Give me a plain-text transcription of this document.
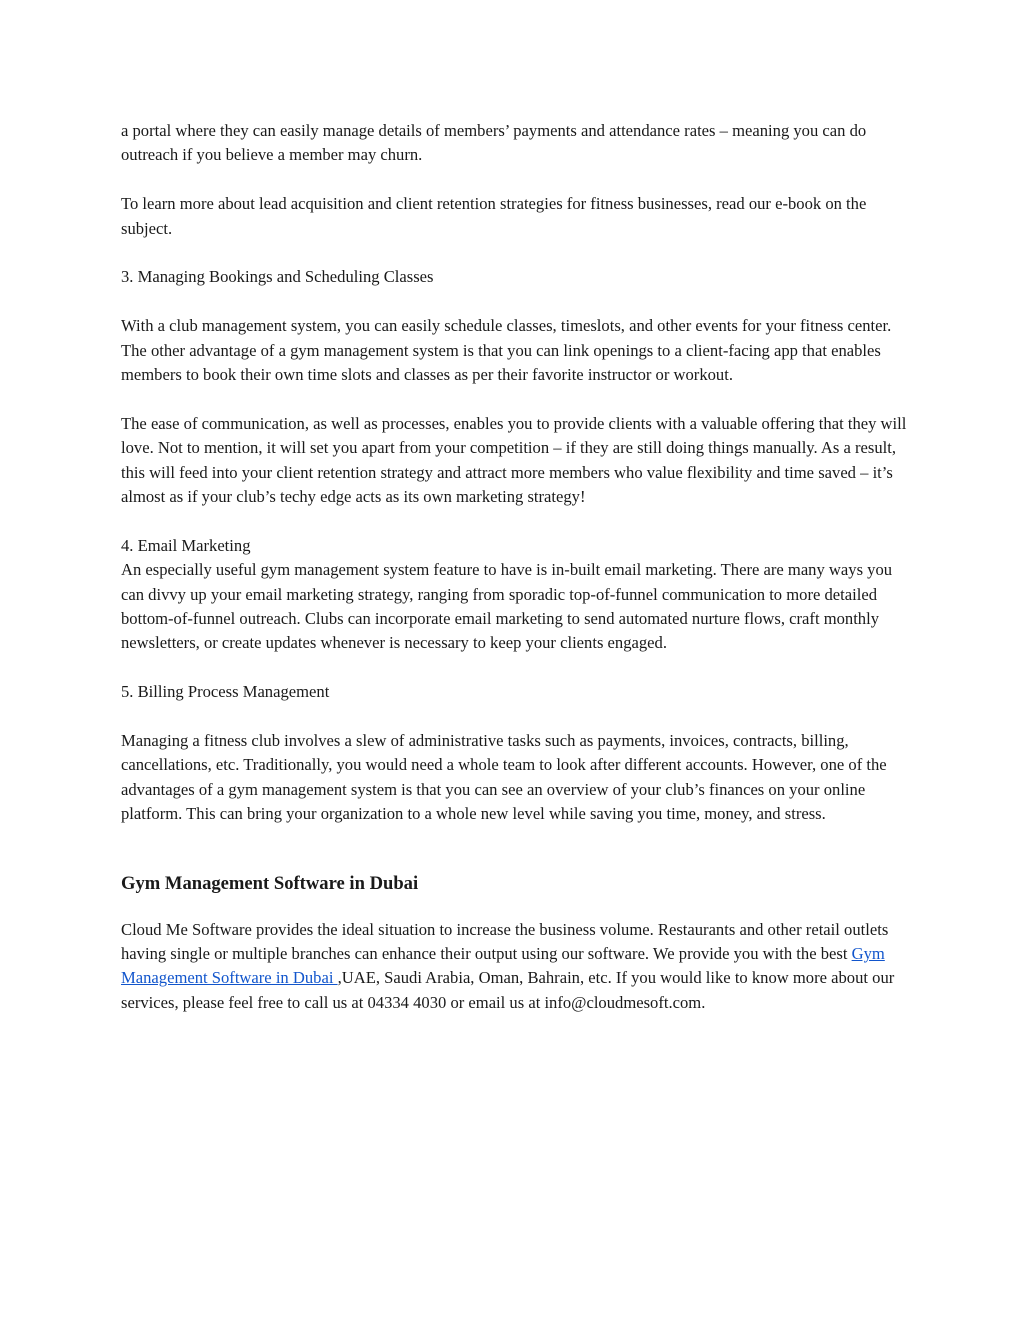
a portal where they can easily manage details of members’ payments and attendance rates – meaning you can do outreach if you believe a member may churn.

To learn more about lead acquisition and client retention strategies for fitness businesses, read our e-book on the subject.

3. Managing Bookings and Scheduling Classes

With a club management system, you can easily schedule classes, timeslots, and other events for your fitness center. The other advantage of a gym management system is that you can link openings to a client-facing app that enables members to book their own time slots and classes as per their favorite instructor or workout.

The ease of communication, as well as processes, enables you to provide clients with a valuable offering that they will love. Not to mention, it will set you apart from your competition – if they are still doing things manually. As a result, this will feed into your client retention strategy and attract more members who value flexibility and time saved – it’s almost as if your club’s techy edge acts as its own marketing strategy!

4. Email Marketing

An especially useful gym management system feature to have is in-built email marketing. There are many ways you can divvy up your email marketing strategy, ranging from sporadic top-of-funnel communication to more detailed bottom-of-funnel outreach. Clubs can incorporate email marketing to send automated nurture flows, craft monthly newsletters, or create updates whenever is necessary to keep your clients engaged.

5. Billing Process Management

Managing a fitness club involves a slew of administrative tasks such as payments, invoices, contracts, billing, cancellations, etc. Traditionally, you would need a whole team to look after different accounts. However, one of the advantages of a gym management system is that you can see an overview of your club’s finances on your online platform. This can bring your organization to a whole new level while saving you time, money, and stress.

Gym Management Software in Dubai

Cloud Me Software provides the ideal situation to increase the business volume. Restaurants and other retail outlets having single or multiple branches can enhance their output using our software. We provide you with the best Gym Management Software in Dubai ,UAE, Saudi Arabia, Oman, Bahrain, etc. If you would like to know more about our services, please feel free to call us at 04334 4030 or email us at info@cloudmesoft.com.
